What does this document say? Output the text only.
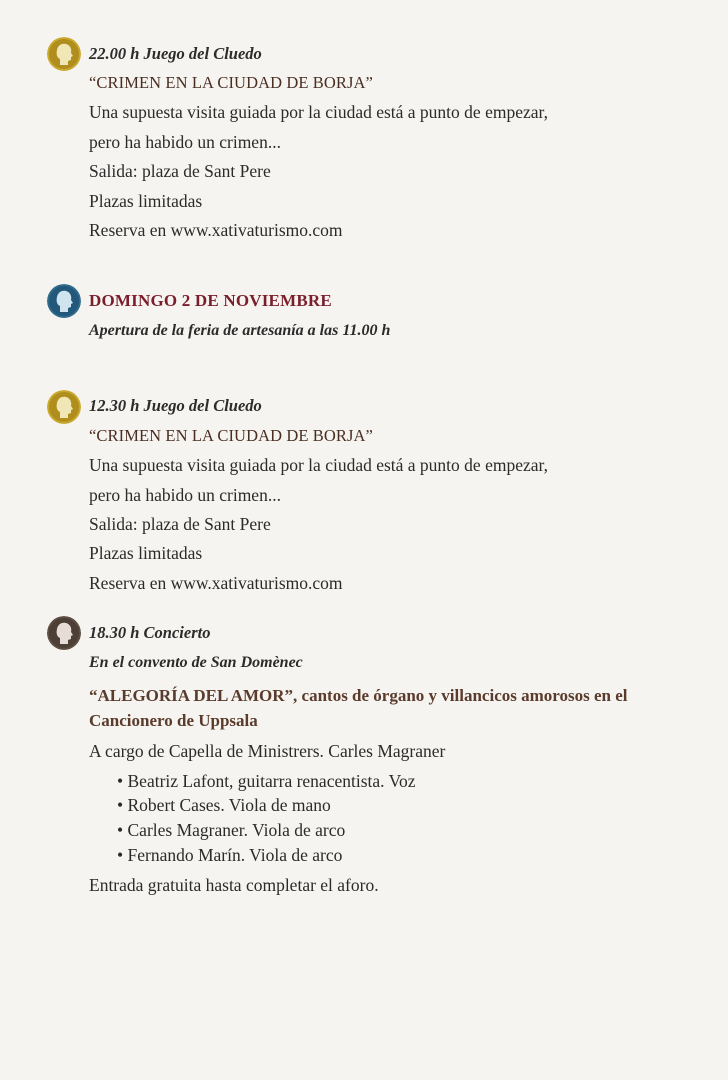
22.00 h Juego del Cluedo
“CRIMEN EN LA CIUDAD DE BORJA”
Una supuesta visita guiada por la ciudad está a punto de empezar,
pero ha habido un crimen...
Salida: plaza de Sant Pere
Plazas limitadas
Reserva en www.xativaturismo.com
DOMINGO 2 DE NOVIEMBRE
Apertura de la feria de artesanía a las 11.00 h
12.30 h Juego del Cluedo
“CRIMEN EN LA CIUDAD DE BORJA”
Una supuesta visita guiada por la ciudad está a punto de empezar,
pero ha habido un crimen...
Salida: plaza de Sant Pere
Plazas limitadas
Reserva en www.xativaturismo.com
18.30 h Concierto
En el convento de San Domènec
“ALEGORÍA DEL AMOR”, cantos de órgano y villancicos amorosos en el
Cancionero de Uppsala
A cargo de Capella de Ministrers. Carles Magraner
• Beatriz Lafont, guitarra renacentista. Voz
• Robert Cases. Viola de mano
• Carles Magraner. Viola de arco
• Fernando Marín. Viola de arco
Entrada gratuita hasta completar el aforo.
